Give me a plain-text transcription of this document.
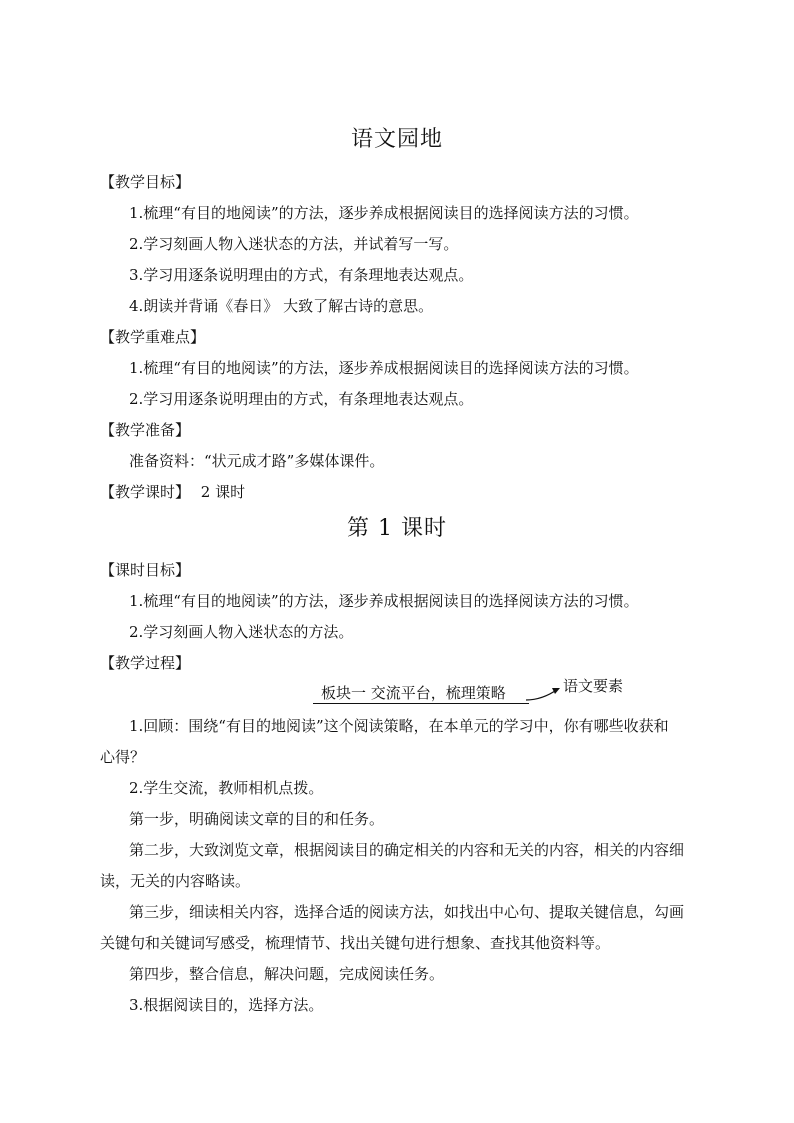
语文园地
【教学目标】
1.梳理“有目的地阅读”的方法，逐步养成根据阅读目的选择阅读方法的习惯。
2.学习刻画人物入迷状态的方法，并试着写一写。
3.学习用逐条说明理由的方式，有条理地表达观点。
4.朗读并背诵《春日》 大致了解古诗的意思。
【教学重难点】
1.梳理“有目的地阅读”的方法，逐步养成根据阅读目的选择阅读方法的习惯。
2.学习用逐条说明理由的方式，有条理地表达观点。
【教学准备】
准备资料：“状元成才路”多媒体课件。
【教学课时】 2 课时
第 1 课时
【课时目标】
1.梳理“有目的地阅读”的方法，逐步养成根据阅读目的选择阅读方法的习惯。
2.学习刻画人物入迷状态的方法。
【教学过程】
板块一 交流平台，梳理策略	语文要素
1.回顾：围绕“有目的地阅读”这个阅读策略，在本单元的学习中，你有哪些收获和
心得？
2.学生交流，教师相机点拨。
第一步，明确阅读文章的目的和任务。
第二步，大致浏览文章，根据阅读目的确定相关的内容和无关的内容，相关的内容细
读，无关的内容略读。
第三步，细读相关内容，选择合适的阅读方法，如找出中心句、提取关键信息，勾画
关键句和关键词写感受，梳理情节、找出关键句进行想象、查找其他资料等。
第四步，整合信息，解决问题，完成阅读任务。
3.根据阅读目的，选择方法。
